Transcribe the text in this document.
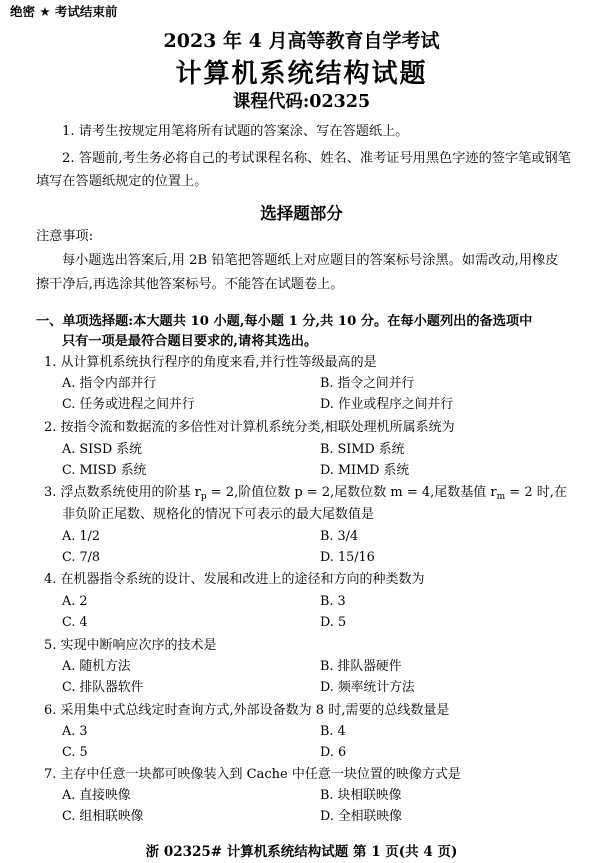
绝密 ★ 考试结束前
2023 年 4 月高等教育自学考试
计算机系统结构试题
课程代码:02325
1. 请考生按规定用笔将所有试题的答案涂、写在答题纸上。
2. 答题前,考生务必将自己的考试课程名称、姓名、准考证号用黑色字迹的签字笔或钢笔
填写在答题纸规定的位置上。
选择题部分
注意事项:
每小题选出答案后,用 2B 铅笔把答题纸上对应题目的答案标号涂黑。如需改动,用橡皮
擦干净后,再选涂其他答案标号。不能答在试题卷上。
一、单项选择题:本大题共 10 小题,每小题 1 分,共 10 分。在每小题列出的备选项中
只有一项是最符合题目要求的,请将其选出。
1. 从计算机系统执行程序的角度来看,并行性等级最高的是
A. 指令内部并行	B. 指令之间并行
C. 任务或进程之间并行	D. 作业或程序之间并行
2. 按指令流和数据流的多倍性对计算机系统分类,相联处理机所属系统为
A. SISD 系统	B. SIMD 系统
C. MISD 系统	D. MIMD 系统
3. 浮点数系统使用的阶基 $r_p = 2$,阶值位数 p = 2,尾数位数 m = 4,尾数基值 $r_m = 2$ 时,在
非负阶正尾数、规格化的情况下可表示的最大尾数值是
A. 1/2	B. 3/4
C. 7/8	D. 15/16
4. 在机器指令系统的设计、发展和改进上的途径和方向的种类数为
A. 2	B. 3
C. 4	D. 5
5. 实现中断响应次序的技术是
A. 随机方法	B. 排队器硬件
C. 排队器软件	D. 频率统计方法
6. 采用集中式总线定时查询方式,外部设备数为 8 时,需要的总线数量是
A. 3	B. 4
C. 5	D. 6
7. 主存中任意一块都可映像装入到 Cache 中任意一块位置的映像方式是
A. 直接映像	B. 块相联映像
C. 组相联映像	D. 全相联映像
浙 02325# 计算机系统结构试题 第 1 页(共 4 页)
